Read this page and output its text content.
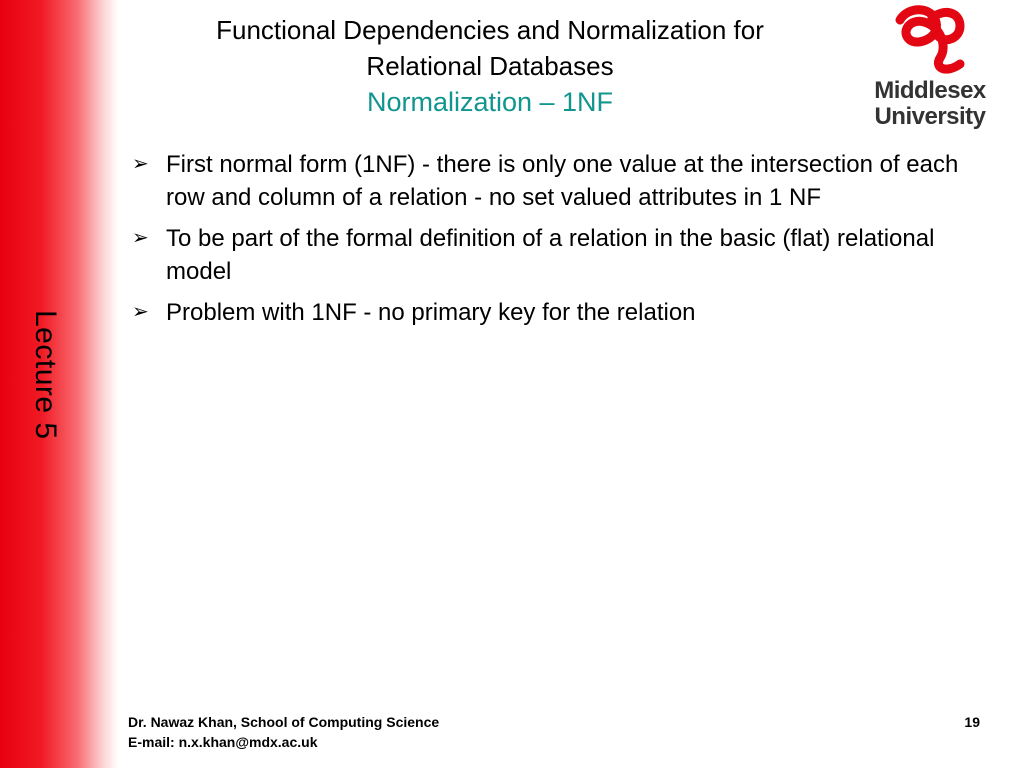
Lecture 5
Functional Dependencies and Normalization for
Relational Databases
Normalization – 1NF	Middlesex
University
➢ First normal form (1NF) - there is only one value at the intersection of each row and column of a relation - no set valued attributes in 1 NF
➢ To be part of the formal definition of a relation in the basic (flat) relational model
➢ Problem with 1NF - no primary key for the relation
Dr. Nawaz Khan, School of Computing Science
E-mail: n.x.khan@mdx.ac.uk
19
